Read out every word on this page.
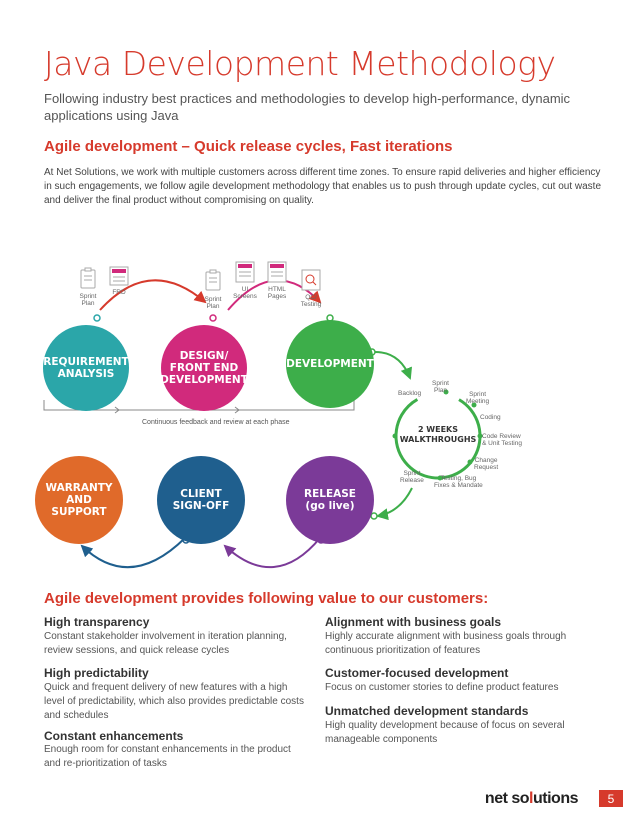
Java Development Methodology
Following industry best practices and methodologies to develop high-performance, dynamic applications using Java
Agile development – Quick release cycles, Fast iterations
At Net Solutions, we work with multiple customers across different time zones. To ensure rapid deliveries and higher efficiency in such engagements, we follow agile development methodology that enables us to push through update cycles, cut out waste and deliver the final product without compromising on quality.
Sprint
Plan
FRD
Sprint
Plan
UI
Screens
HTML
Pages	QC/
Testing
REQUIREMENT
ANALYSIS
DESIGN/
FRONT END
DEVELOPMENT
DEVELOPMENT
Continuous feedback and review at each phase
2 WEEKS
WALKTHROUGHS
Sprint
Plan
Backlog	Sprint
Meeting
Coding
Code Review
& Unit Testing
Change
Request
Testing, Bug
Fixes & Mandate
Sprint
Release
WARRANTY
AND
SUPPORT
CLIENT
SIGN-OFF
RELEASE
(go live)
Agile development provides following value to our customers:
High transparency
Constant stakeholder involvement in iteration planning, review sessions, and quick release cycles
High predictability
Quick and frequent delivery of new features with a high level of predictability, which also provides predictable costs and schedules
Constant enhancements
Enough room for constant enhancements in the product and re-prioritization of tasks
Alignment with business goals
Highly accurate alignment with business goals through continuous prioritization of features
Customer-focused development
Focus on customer stories to define product features
Unmatched development standards
High quality development because of focus on several manageable components
net solutions	5
